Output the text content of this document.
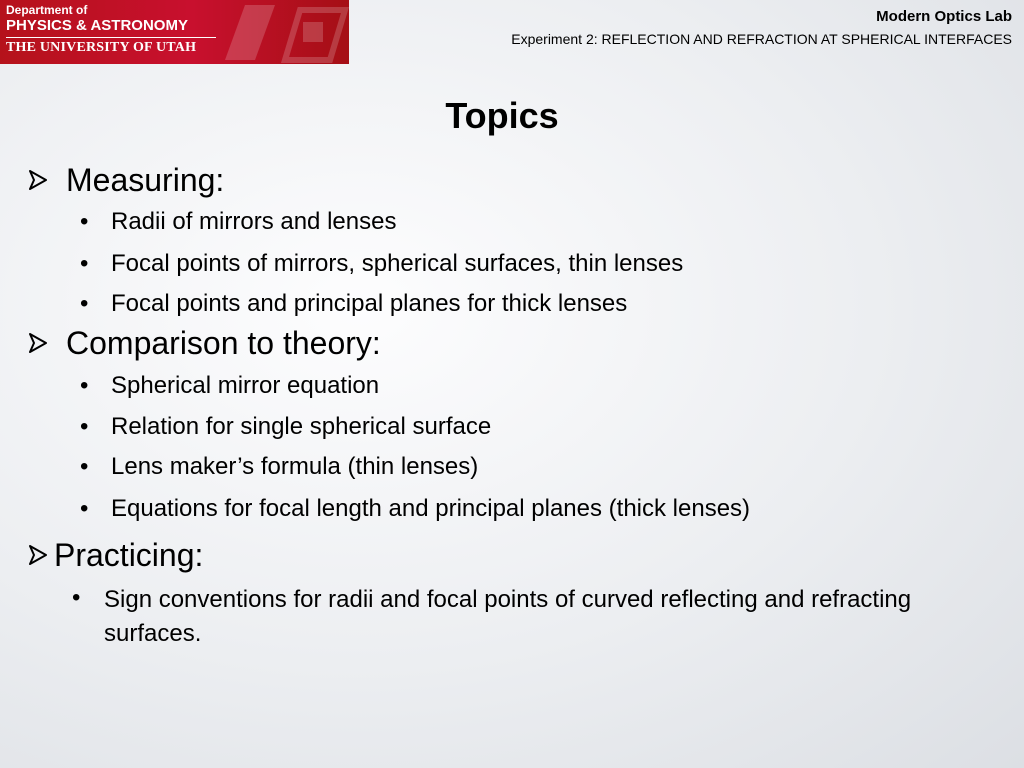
Department of
PHYSICS & ASTRONOMY
THE UNIVERSITY OF UTAH
Modern Optics Lab
Experiment 2: REFLECTION AND REFRACTION AT SPHERICAL INTERFACES
Topics
Measuring:
• Radii of mirrors and lenses
• Focal points of mirrors, spherical surfaces, thin lenses
• Focal points and principal planes for thick lenses
Comparison to theory:
• Spherical mirror equation
• Relation for single spherical surface
• Lens maker’s formula (thin lenses)
• Equations for focal length and principal planes (thick lenses)
Practicing:
• Sign conventions for radii and focal points of curved reflecting and refracting surfaces.
